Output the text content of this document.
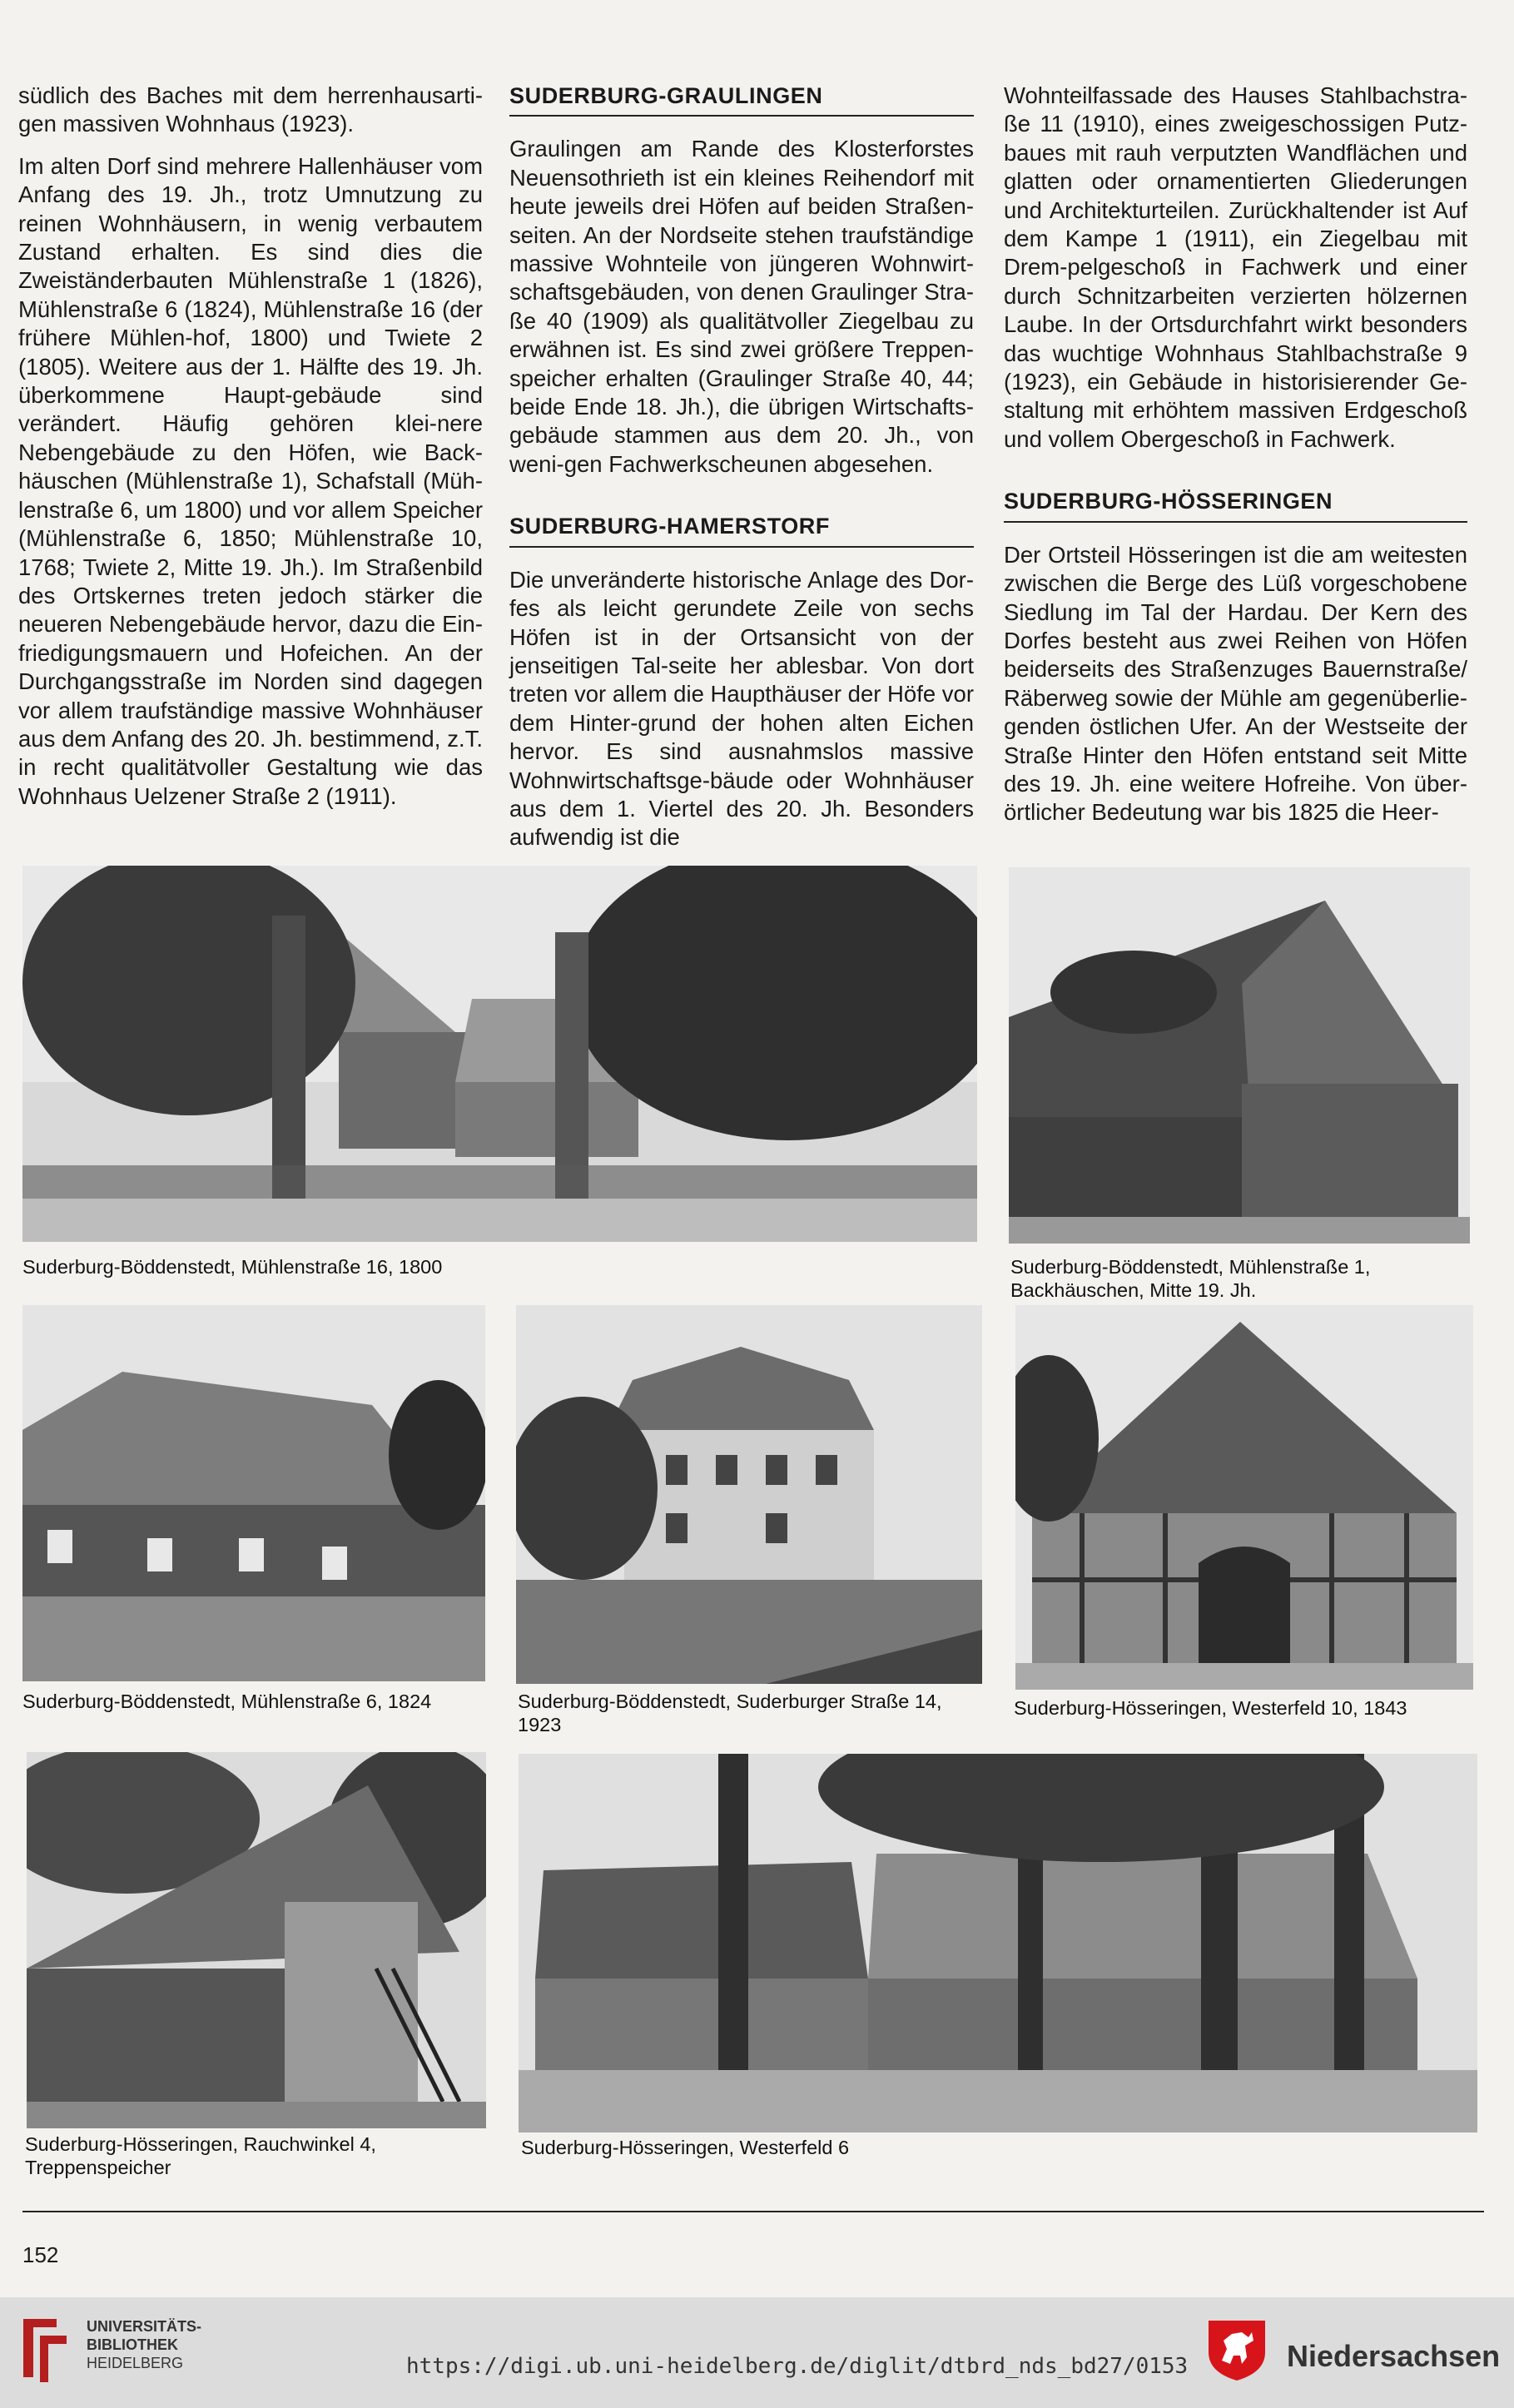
südlich des Baches mit dem herrenhausarti-gen massiven Wohnhaus (1923).

Im alten Dorf sind mehrere Hallenhäuser vom Anfang des 19. Jh., trotz Umnutzung zu reinen Wohnhäusern, in wenig verbautem Zustand erhalten. Es sind dies die Zweiständerbauten Mühlenstraße 1 (1826), Mühlenstraße 6 (1824), Mühlenstraße 16 (der frühere Mühlen-hof, 1800) und Twiete 2 (1805). Weitere aus der 1. Hälfte des 19. Jh. überkommene Haupt-gebäude sind verändert. Häufig gehören klei-nere Nebengebäude zu den Höfen, wie Back-häuschen (Mühlenstraße 1), Schafstall (Müh-lenstraße 6, um 1800) und vor allem Speicher (Mühlenstraße 6, 1850; Mühlenstraße 10, 1768; Twiete 2, Mitte 19. Jh.). Im Straßenbild des Ortskernes treten jedoch stärker die neueren Nebengebäude hervor, dazu die Ein-friedigungsmauern und Hofeichen. An der Durchgangsstraße im Norden sind dagegen vor allem traufständige massive Wohnhäuser aus dem Anfang des 20. Jh. bestimmend, z.T. in recht qualitätvoller Gestaltung wie das Wohnhaus Uelzener Straße 2 (1911).

SUDERBURG-GRAULINGEN

Graulingen am Rande des Klosterforstes Neuensothrieth ist ein kleines Reihendorf mit heute jeweils drei Höfen auf beiden Straßen-seiten. An der Nordseite stehen traufständige massive Wohnteile von jüngeren Wohnwirt-schaftsgebäuden, von denen Graulinger Stra-ße 40 (1909) als qualitätvoller Ziegelbau zu erwähnen ist. Es sind zwei größere Treppen-speicher erhalten (Graulinger Straße 40, 44; beide Ende 18. Jh.), die übrigen Wirtschafts-gebäude stammen aus dem 20. Jh., von weni-gen Fachwerkscheunen abgesehen.

SUDERBURG-HAMERSTORF

Die unveränderte historische Anlage des Dor-fes als leicht gerundete Zeile von sechs Höfen ist in der Ortsansicht von der jenseitigen Tal-seite her ablesbar. Von dort treten vor allem die Haupthäuser der Höfe vor dem Hinter-grund der hohen alten Eichen hervor. Es sind ausnahmslos massive Wohnwirtschaftsge-bäude oder Wohnhäuser aus dem 1. Viertel des 20. Jh. Besonders aufwendig ist die

Wohnteilfassade des Hauses Stahlbachstra-ße 11 (1910), eines zweigeschossigen Putz-baues mit rauh verputzten Wandflächen und glatten oder ornamentierten Gliederungen und Architekturteilen. Zurückhaltender ist Auf dem Kampe 1 (1911), ein Ziegelbau mit Drem-pelgeschoß in Fachwerk und einer durch Schnitzarbeiten verzierten hölzernen Laube. In der Ortsdurchfahrt wirkt besonders das wuchtige Wohnhaus Stahlbachstraße 9 (1923), ein Gebäude in historisierender Ge-staltung mit erhöhtem massiven Erdgeschoß und vollem Obergeschoß in Fachwerk.

SUDERBURG-HÖSSERINGEN

Der Ortsteil Hösseringen ist die am weitesten zwischen die Berge des Lüß vorgeschobene Siedlung im Tal der Hardau. Der Kern des Dorfes besteht aus zwei Reihen von Höfen beiderseits des Straßenzuges Bauernstraße/ Räberweg sowie der Mühle am gegenüberlie-genden östlichen Ufer. An der Westseite der Straße Hinter den Höfen entstand seit Mitte des 19. Jh. eine weitere Hofreihe. Von über-örtlicher Bedeutung war bis 1825 die Heer-

Suderburg-Böddenstedt, Mühlenstraße 16, 1800	Suderburg-Böddenstedt, Mühlenstraße 1,
Backhäuschen, Mitte 19. Jh.
Suderburg-Böddenstedt, Mühlenstraße 6, 1824	Suderburg-Böddenstedt, Suderburger Straße 14,
1923
Suderburg-Hösseringen, Westerfeld 10, 1843
Suderburg-Hösseringen, Rauchwinkel 4,
Treppenspeicher
Suderburg-Hösseringen, Westerfeld 6
152
UNIVERSITÄTS-
BIBLIOTHEK
HEIDELBERG	https://digi.ub.uni-heidelberg.de/diglit/dtbrd_nds_bd27/0153	Niedersachsen
